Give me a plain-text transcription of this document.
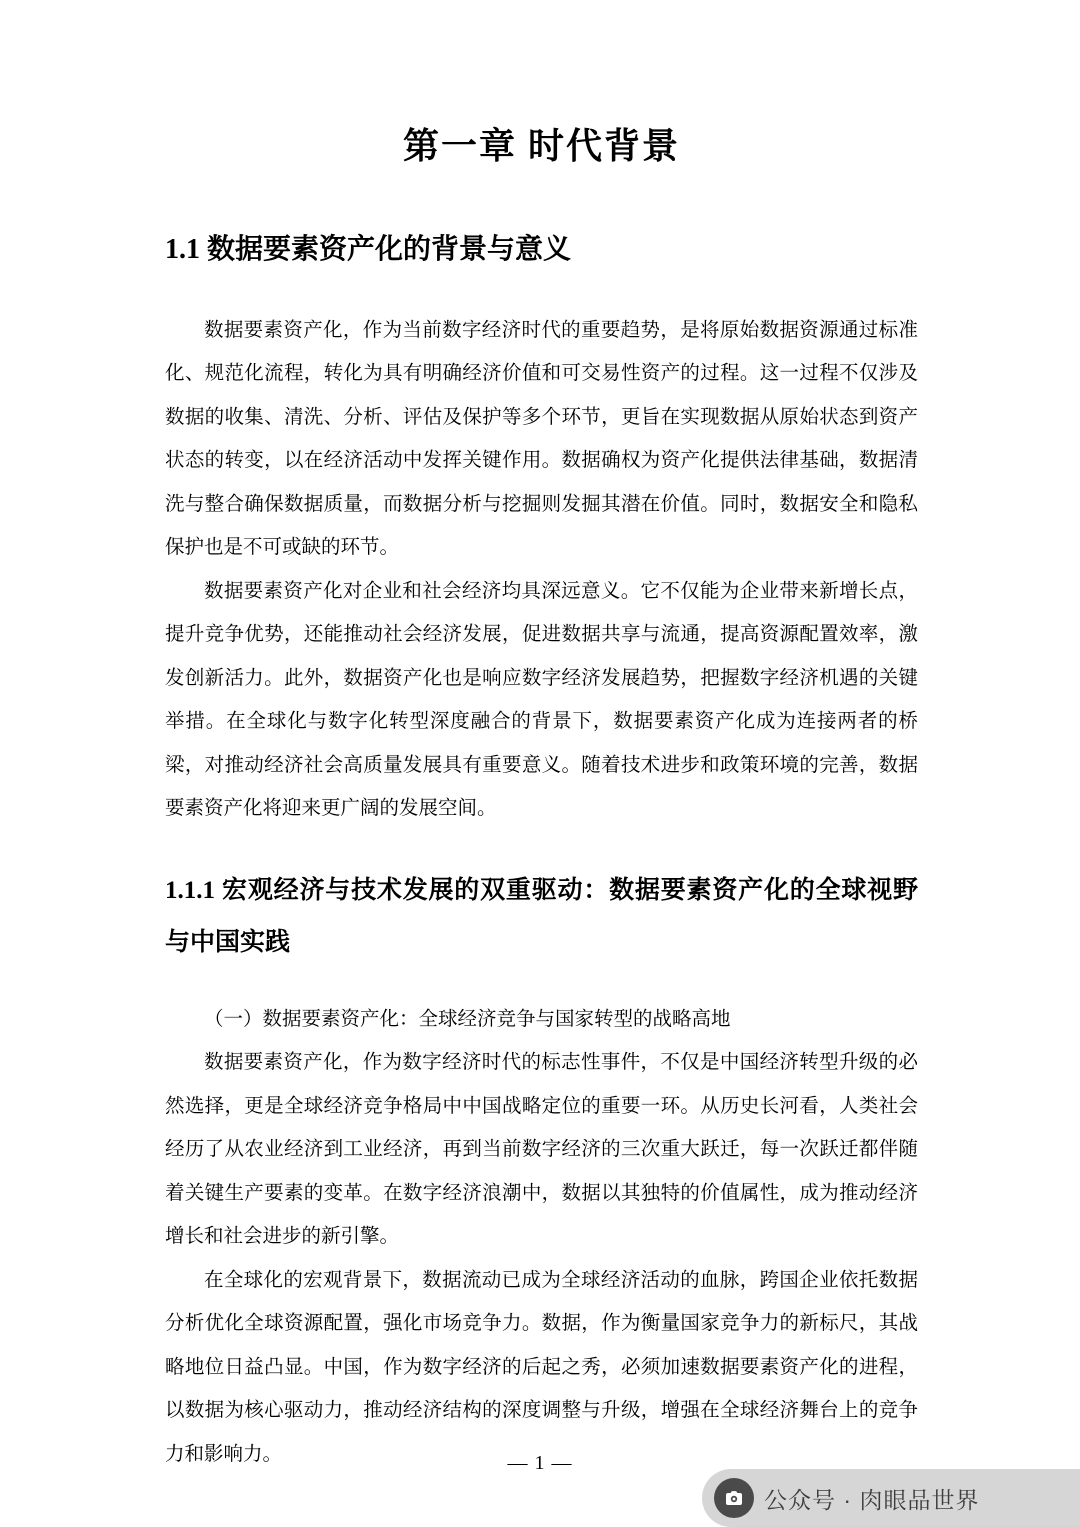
第一章 时代背景
1.1 数据要素资产化的背景与意义

数据要素资产化，作为当前数字经济时代的重要趋势，是将原始数据资源通过标准化、规范化流程，转化为具有明确经济价值和可交易性资产的过程。这一过程不仅涉及数据的收集、清洗、分析、评估及保护等多个环节，更旨在实现数据从原始状态到资产状态的转变，以在经济活动中发挥关键作用。数据确权为资产化提供法律基础，数据清洗与整合确保数据质量，而数据分析与挖掘则发掘其潜在价值。同时，数据安全和隐私保护也是不可或缺的环节。

数据要素资产化对企业和社会经济均具深远意义。它不仅能为企业带来新增长点，提升竞争优势，还能推动社会经济发展，促进数据共享与流通，提高资源配置效率，激发创新活力。此外，数据资产化也是响应数字经济发展趋势，把握数字经济机遇的关键举措。在全球化与数字化转型深度融合的背景下，数据要素资产化成为连接两者的桥梁，对推动经济社会高质量发展具有重要意义。随着技术进步和政策环境的完善，数据要素资产化将迎来更广阔的发展空间。

1.1.1 宏观经济与技术发展的双重驱动：数据要素资产化的全球视野与中国实践

（一）数据要素资产化：全球经济竞争与国家转型的战略高地

数据要素资产化，作为数字经济时代的标志性事件，不仅是中国经济转型升级的必然选择，更是全球经济竞争格局中中国战略定位的重要一环。从历史长河看，人类社会经历了从农业经济到工业经济，再到当前数字经济的三次重大跃迁，每一次跃迁都伴随着关键生产要素的变革。在数字经济浪潮中，数据以其独特的价值属性，成为推动经济增长和社会进步的新引擎。

在全球化的宏观背景下，数据流动已成为全球经济活动的血脉，跨国企业依托数据分析优化全球资源配置，强化市场竞争力。数据，作为衡量国家竞争力的新标尺，其战略地位日益凸显。中国，作为数字经济的后起之秀，必须加速数据要素资产化的进程，以数据为核心驱动力，推动经济结构的深度调整与升级，增强在全球经济舞台上的竞争力和影响力。	— 1 —
公众号 · 肉眼品世界
